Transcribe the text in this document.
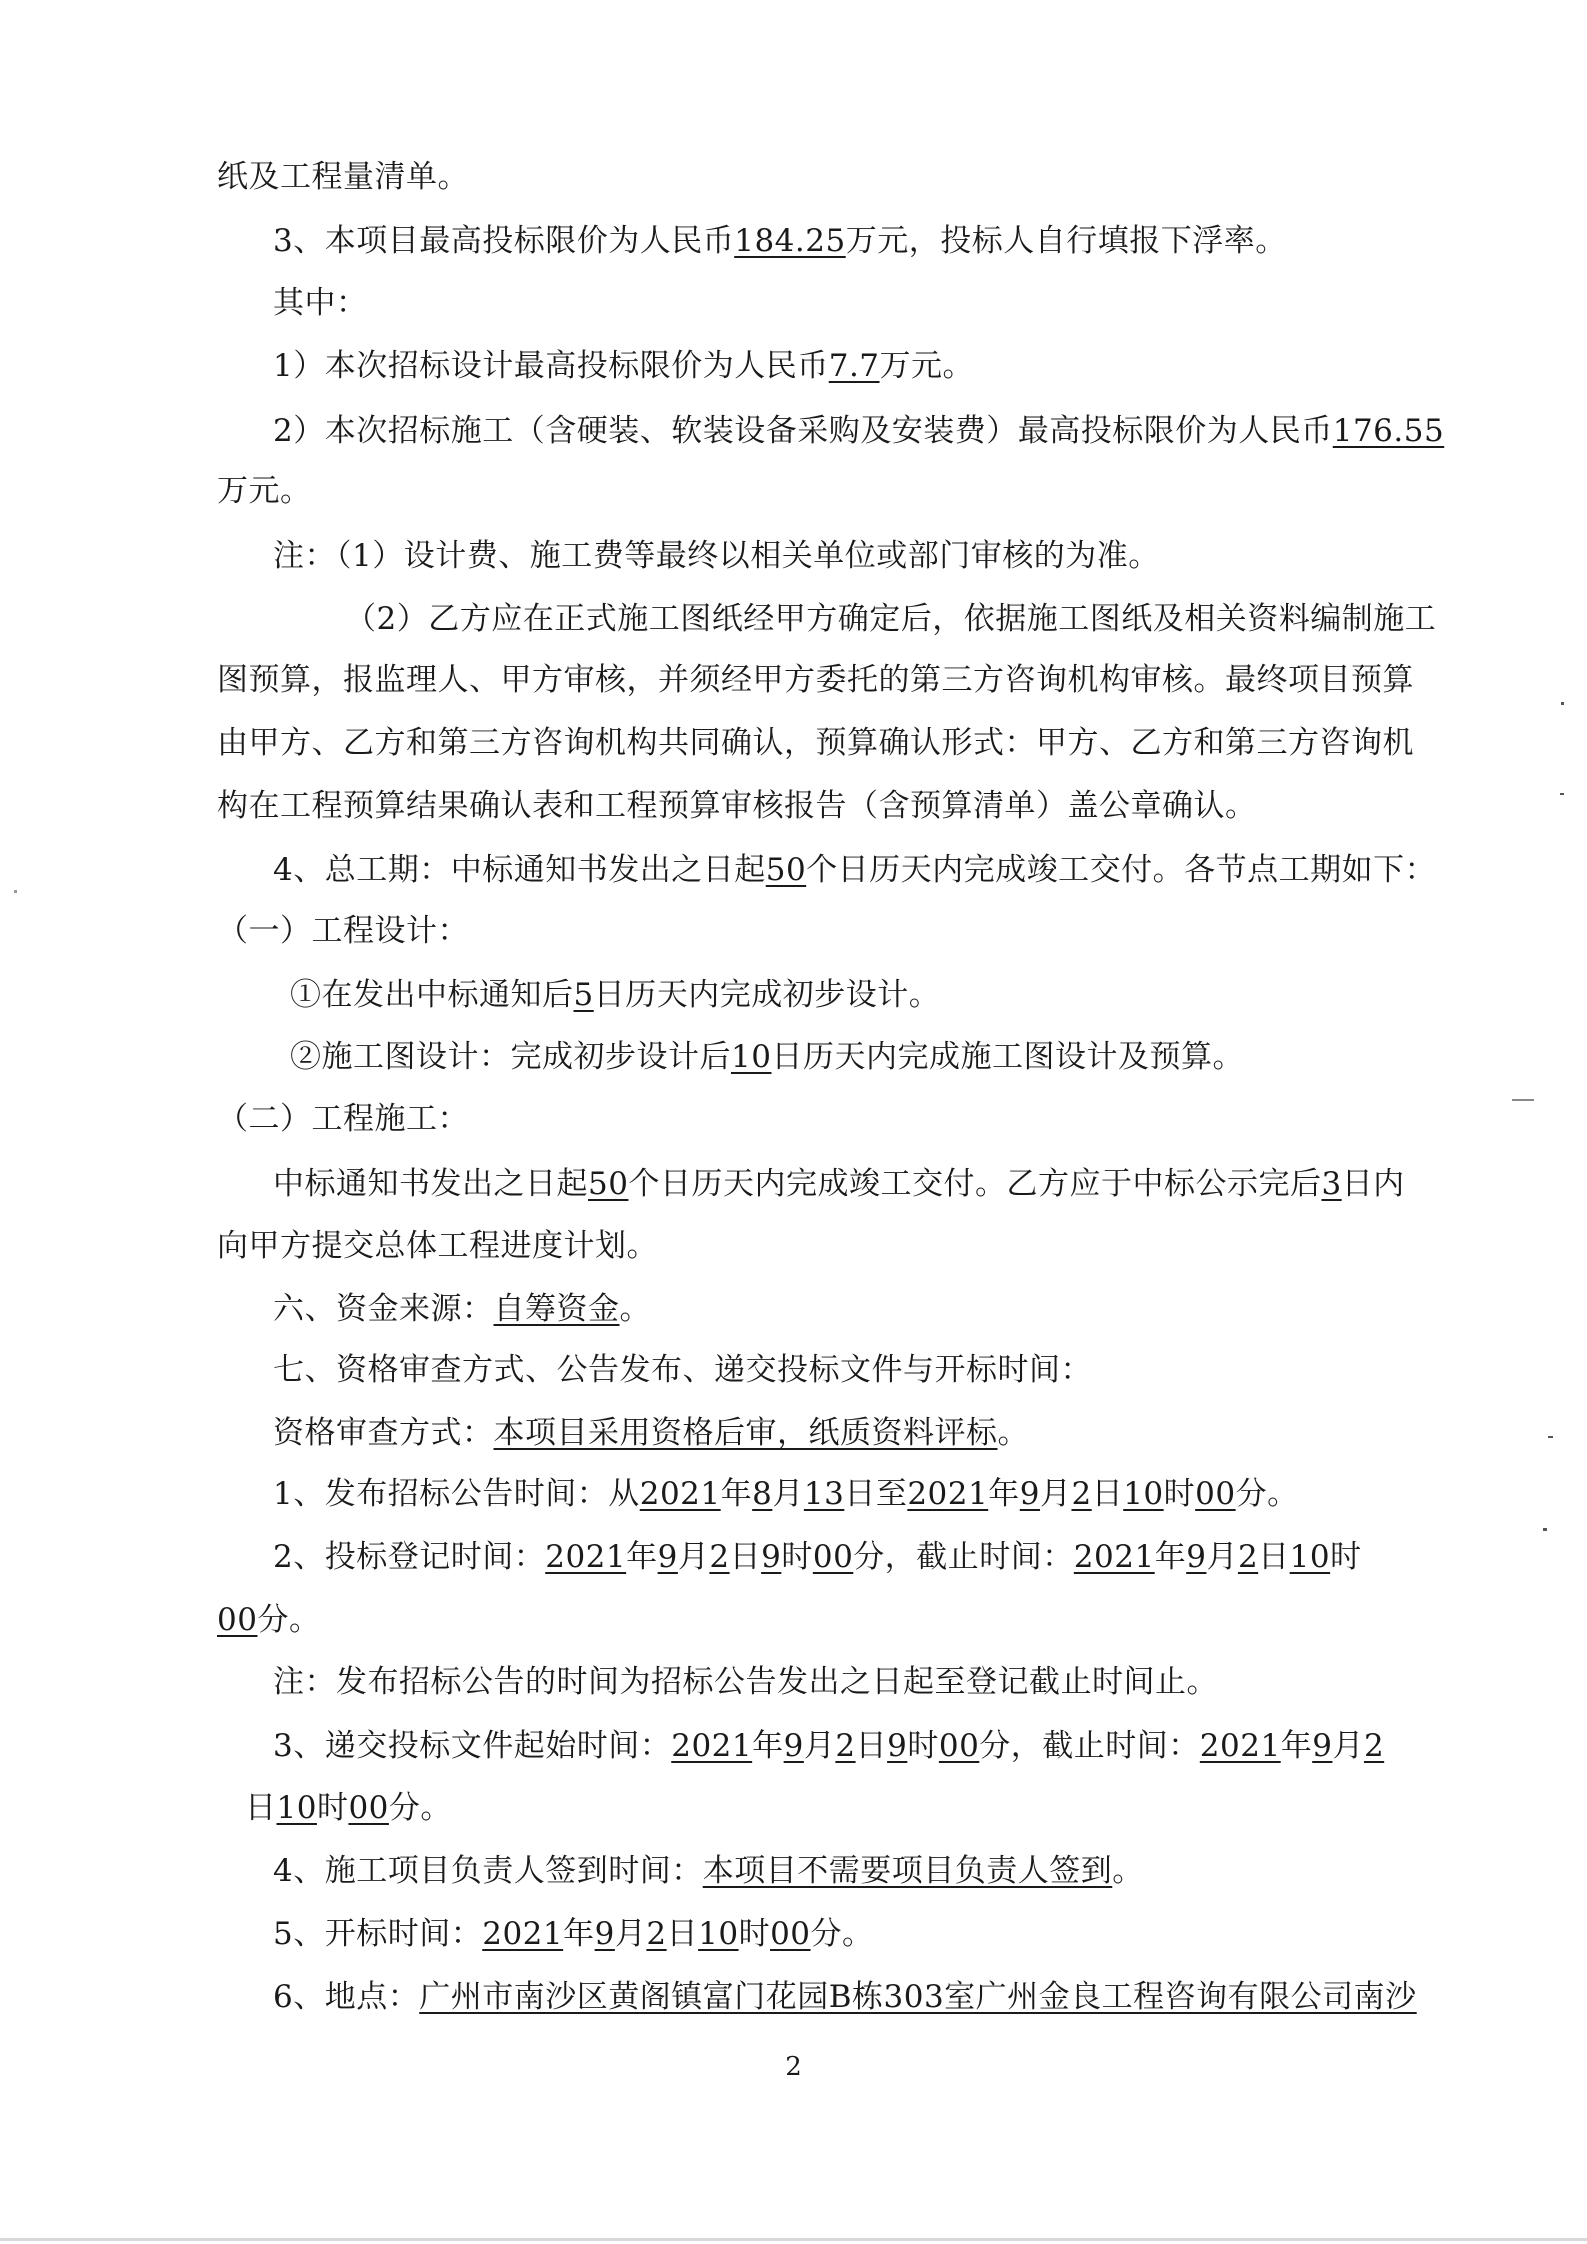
纸及工程量清单。
3、本项目最高投标限价为人民币184.25万元，投标人自行填报下浮率。
其中：
1）本次招标设计最高投标限价为人民币7.7万元。
2）本次招标施工（含硬装、软装设备采购及安装费）最高投标限价为人民币176.55
万元。
注：（1）设计费、施工费等最终以相关单位或部门审核的为准。
（2）乙方应在正式施工图纸经甲方确定后，依据施工图纸及相关资料编制施工
图预算，报监理人、甲方审核，并须经甲方委托的第三方咨询机构审核。最终项目预算
由甲方、乙方和第三方咨询机构共同确认，预算确认形式：甲方、乙方和第三方咨询机
构在工程预算结果确认表和工程预算审核报告（含预算清单）盖公章确认。
4、总工期：中标通知书发出之日起50个日历天内完成竣工交付。各节点工期如下：
（一）工程设计：
①在发出中标通知后5日历天内完成初步设计。
②施工图设计：完成初步设计后10日历天内完成施工图设计及预算。
（二）工程施工：
中标通知书发出之日起50个日历天内完成竣工交付。乙方应于中标公示完后3日内
向甲方提交总体工程进度计划。
六、资金来源：自筹资金。
七、资格审查方式、公告发布、递交投标文件与开标时间：
资格审查方式：本项目采用资格后审，纸质资料评标。
1、发布招标公告时间：从2021年8月13日至2021年9月2日10时00分。
2、投标登记时间：2021年9月2日9时00分，截止时间：2021年9月2日10时
00分。
注：发布招标公告的时间为招标公告发出之日起至登记截止时间止。
3、递交投标文件起始时间：2021年9月2日9时00分，截止时间：2021年9月2
日10时00分。
4、施工项目负责人签到时间：本项目不需要项目负责人签到。
5、开标时间：2021年9月2日10时00分。
6、地点：广州市南沙区黄阁镇富门花园B栋303室广州金良工程咨询有限公司南沙
2
